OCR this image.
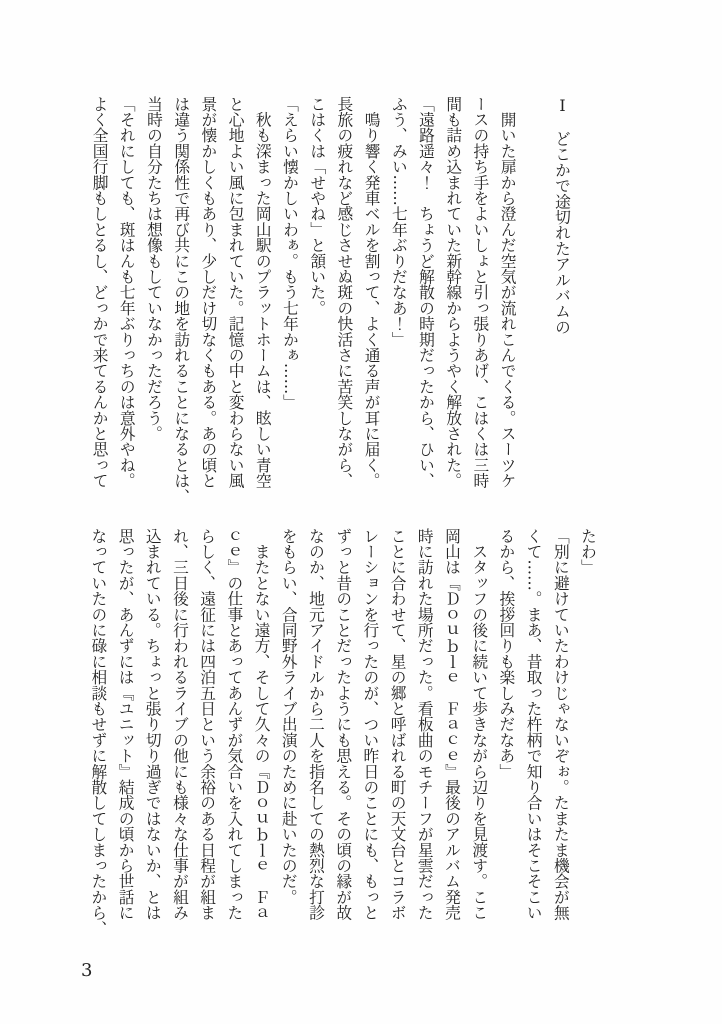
Ⅰ　どこかで途切れたアルバムの
　開いた扉から澄んだ空気が流れこんでくる。スーツケ
ースの持ち手をよいしょと引っ張りあげ、こはくは三時
間も詰め込まれていた新幹線からようやく解放された。
「遠路遥々！　ちょうど解散の時期だったから、ひい、
ふう、みい……七年ぶりだなあ！」
　鳴り響く発車ベルを割って、よく通る声が耳に届く。
長旅の疲れなど感じさせぬ斑の快活さに苦笑しながら、
こはくは「せやね」と頷いた。
「えらい懐かしいわぁ。もう七年かぁ……」
　秋も深まった岡山駅のプラットホームは、眩しい青空
と心地よい風に包まれていた。記憶の中と変わらない風
景が懐かしくもあり、少しだけ切なくもある。あの頃と
は違う関係性で再び共にこの地を訪れることになるとは、
当時の自分たちは想像もしていなかっただろう。
「それにしても、斑はんも七年ぶりっちのは意外やね。
よく全国行脚もしとるし、どっかで来てるんかと思って
たわ」
「別に避けていたわけじゃないぞぉ。たまたま機会が無
くて……。まあ、昔取った杵柄で知り合いはそこそこい
るから、挨拶回りも楽しみだなあ」
　スタッフの後に続いて歩きながら辺りを見渡す。ここ
岡山は『Ｄｏｕｂｌｅ　Ｆａｃｅ』最後のアルバム発売
時に訪れた場所だった。看板曲のモチーフが星雲だった
ことに合わせて、星の郷と呼ばれる町の天文台とコラボ
レーションを行ったのが、つい昨日のことにも、もっと
ずっと昔のことだったようにも思える。その頃の縁が故
なのか、地元アイドルから二人を指名しての熱烈な打診
をもらい、合同野外ライブ出演のために赴いたのだ。
　またとない遠方、そして久々の『Ｄｏｕｂｌｅ　Ｆａ
ｃｅ』の仕事とあってあんずが気合いを入れてしまった
らしく、遠征には四泊五日という余裕のある日程が組ま
れ、三日後に行われるライブの他にも様々な仕事が組み
込まれている。ちょっと張り切り過ぎではないか、とは
思ったが、あんずには『ユニット』結成の頃から世話に
なっていたのに碌に相談もせずに解散してしまったから、
3
